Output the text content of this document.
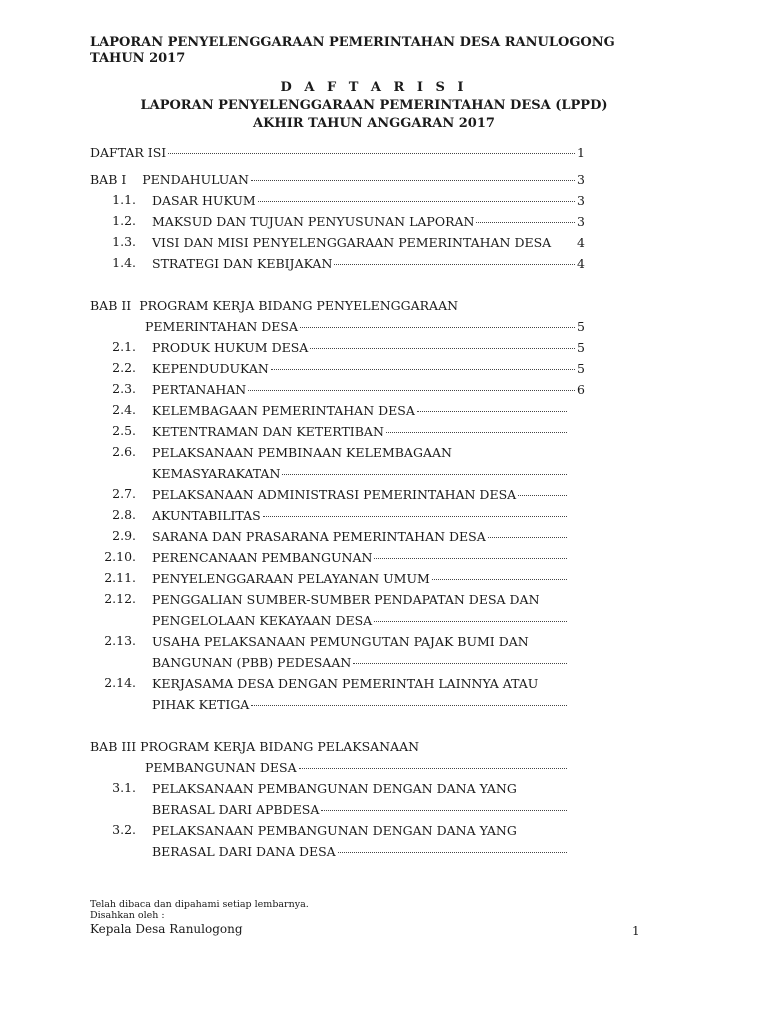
LAPORAN PENYELENGGARAAN PEMERINTAHAN DESA RANULOGONG
TAHUN 2017
D A F T A R I S I
LAPORAN PENYELENGGARAAN PEMERINTAHAN DESA (LPPD)
AKHIR TAHUN ANGGARAN 2017
DAFTAR ISI	1
BAB I    PENDAHULUAN	3
1.1. DASAR HUKUM	3
1.2. MAKSUD DAN TUJUAN PENYUSUNAN LAPORAN	3
1.3. VISI DAN MISI PENYELENGGARAAN PEMERINTAHAN DESA 4
1.4. STRATEGI DAN KEBIJAKAN	4
BAB II  PROGRAM KERJA BIDANG PENYELENGGARAAN
PEMERINTAHAN DESA	5
2.1. PRODUK HUKUM DESA	5
2.2. KEPENDUDUKAN	5
2.3. PERTANAHAN	6
2.4. KELEMBAGAAN PEMERINTAHAN DESA
2.5. KETENTRAMAN DAN KETERTIBAN
2.6. PELAKSANAAN PEMBINAAN KELEMBAGAAN
KEMASYARAKATAN
2.7. PELAKSANAAN ADMINISTRASI PEMERINTAHAN DESA
2.8. AKUNTABILITAS
2.9. SARANA DAN PRASARANA PEMERINTAHAN DESA
2.10. PERENCANAAN PEMBANGUNAN
2.11. PENYELENGGARAAN PELAYANAN UMUM
2.12. PENGGALIAN SUMBER-SUMBER PENDAPATAN DESA DAN
PENGELOLAAN KEKAYAAN DESA
2.13. USAHA PELAKSANAAN PEMUNGUTAN PAJAK BUMI DAN
BANGUNAN (PBB) PEDESAAN
2.14. KERJASAMA DESA DENGAN PEMERINTAH LAINNYA ATAU
PIHAK KETIGA
BAB III PROGRAM KERJA BIDANG PELAKSANAAN
PEMBANGUNAN DESA
3.1. PELAKSANAAN PEMBANGUNAN DENGAN DANA YANG
BERASAL DARI APBDESA
3.2. PELAKSANAAN PEMBANGUNAN DENGAN DANA YANG
BERASAL DARI DANA DESA
Telah dibaca dan dipahami setiap lembarnya.
Disahkan oleh :
Kepala Desa Ranulogong	1
